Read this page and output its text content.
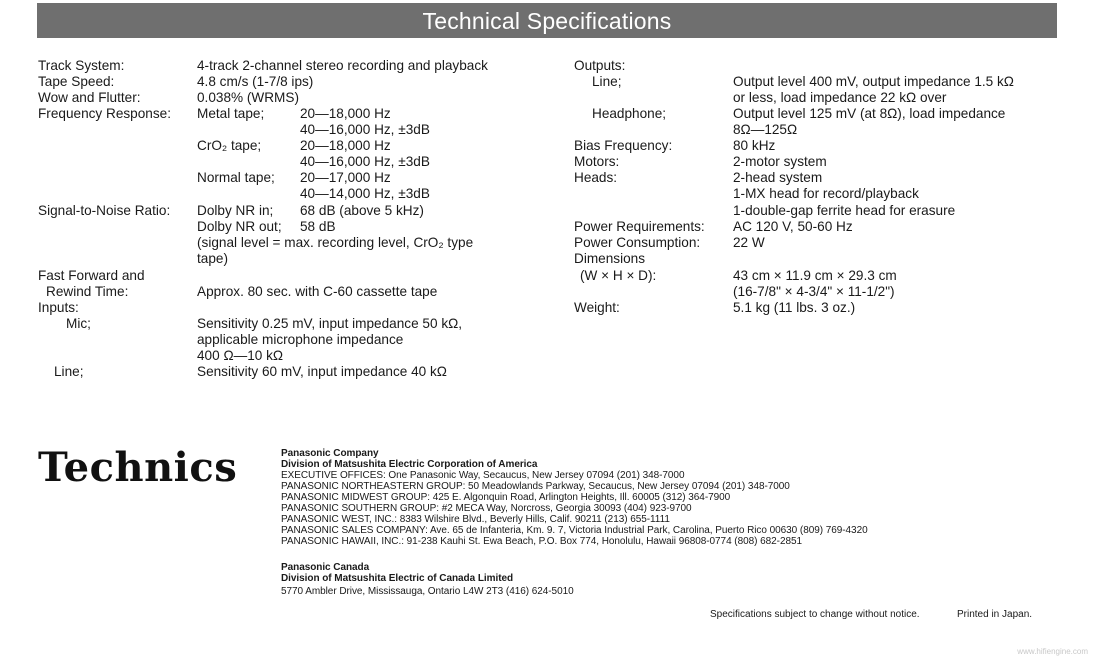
Technical Specifications
Track System:	4-track 2-channel stereo recording and playback
Tape Speed:	4.8 cm/s (1-7/8 ips)
Wow and Flutter:	0.038% (WRMS)
Frequency Response: Metal tape;	20—18,000 Hz
40—16,000 Hz, ±3dB
CrO₂ tape;	20—18,000 Hz
40—16,000 Hz, ±3dB
Normal tape; 20—17,000 Hz
40—14,000 Hz, ±3dB
Signal-to-Noise Ratio: Dolby NR in; 68 dB (above 5 kHz)
Dolby NR out; 58 dB
(signal level = max. recording level, CrO₂ type
tape)
Fast Forward and
Rewind Time:	Approx. 80 sec. with C-60 cassette tape
Inputs:
Mic;	Sensitivity 0.25 mV, input impedance 50 kΩ,
applicable microphone impedance
400 Ω—10 kΩ
Line;	Sensitivity 60 mV, input impedance 40 kΩ
Outputs:
Line;	Output level 400 mV, output impedance 1.5 kΩ
or less, load impedance 22 kΩ over
Headphone;	Output level 125 mV (at 8Ω), load impedance
8Ω—125Ω
Bias Frequency:	80 kHz
Motors:	2-motor system
Heads:	2-head system
1-MX head for record/playback
1-double-gap ferrite head for erasure
Power Requirements: AC 120 V, 50-60 Hz
Power Consumption: 22 W
Dimensions
(W × H × D):	43 cm × 11.9 cm × 29.3 cm
(16-7/8" × 4-3/4" × 11-1/2")
Weight:	5.1 kg (11 lbs. 3 oz.)
Technics	Panasonic Company
Division of Matsushita Electric Corporation of America
EXECUTIVE OFFICES: One Panasonic Way, Secaucus, New Jersey 07094 (201) 348-7000
PANASONIC NORTHEASTERN GROUP: 50 Meadowlands Parkway, Secaucus, New Jersey 07094 (201) 348-7000
PANASONIC MIDWEST GROUP: 425 E. Algonquin Road, Arlington Heights, Ill. 60005 (312) 364-7900
PANASONIC SOUTHERN GROUP: #2 MECA Way, Norcross, Georgia 30093 (404) 923-9700
PANASONIC WEST, INC.: 8383 Wilshire Blvd., Beverly Hills, Calif. 90211 (213) 655-1111
PANASONIC SALES COMPANY: Ave. 65 de Infanteria, Km. 9. 7, Victoria Industrial Park, Carolina, Puerto Rico 00630 (809) 769-4320
PANASONIC HAWAII, INC.: 91-238 Kauhi St. Ewa Beach, P.O. Box 774, Honolulu, Hawaii 96808-0774 (808) 682-2851
Panasonic Canada
Division of Matsushita Electric of Canada Limited
5770 Ambler Drive, Mississauga, Ontario L4W 2T3 (416) 624-5010
Specifications subject to change without notice.	Printed in Japan.
www.hifiengine.com
